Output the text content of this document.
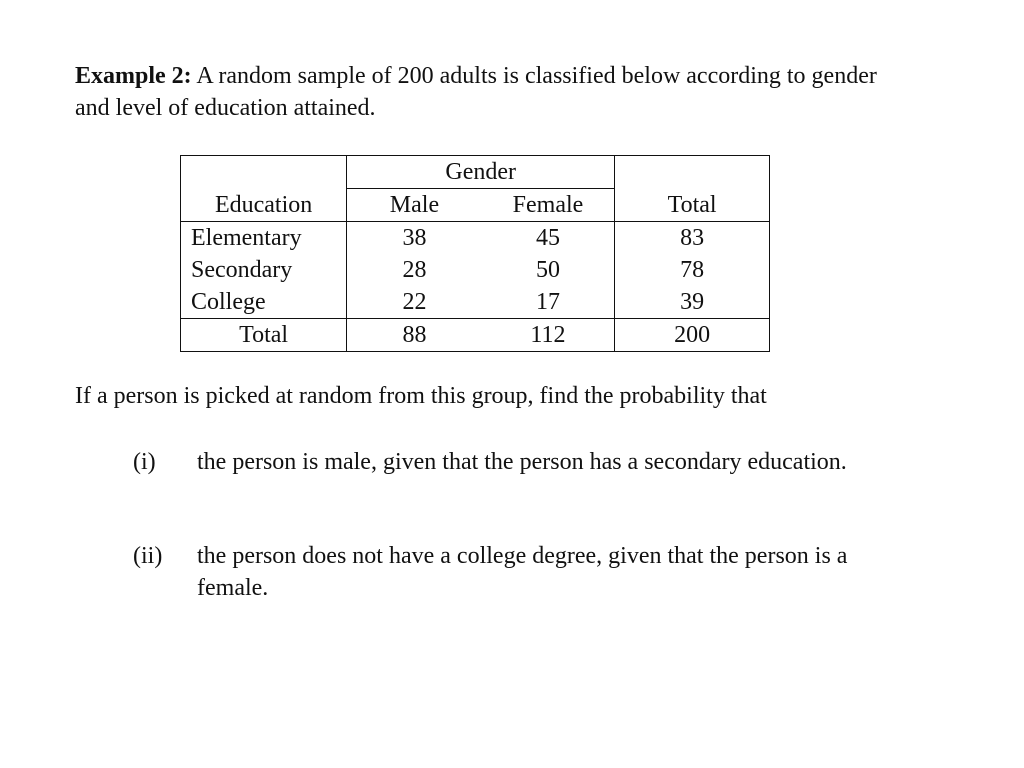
Example 2: A random sample of 200 adults is classified below according to gender and level of education attained.
	Gender		
Education	Male	Female	Total
Elementary	38	45	83
Secondary	28	50	78
College	22	17	39
Total	88	112	200
If a person is picked at random from this group, find the probability that
(i) the person is male, given that the person has a secondary education.
(ii) the person does not have a college degree, given that the person is a female.
